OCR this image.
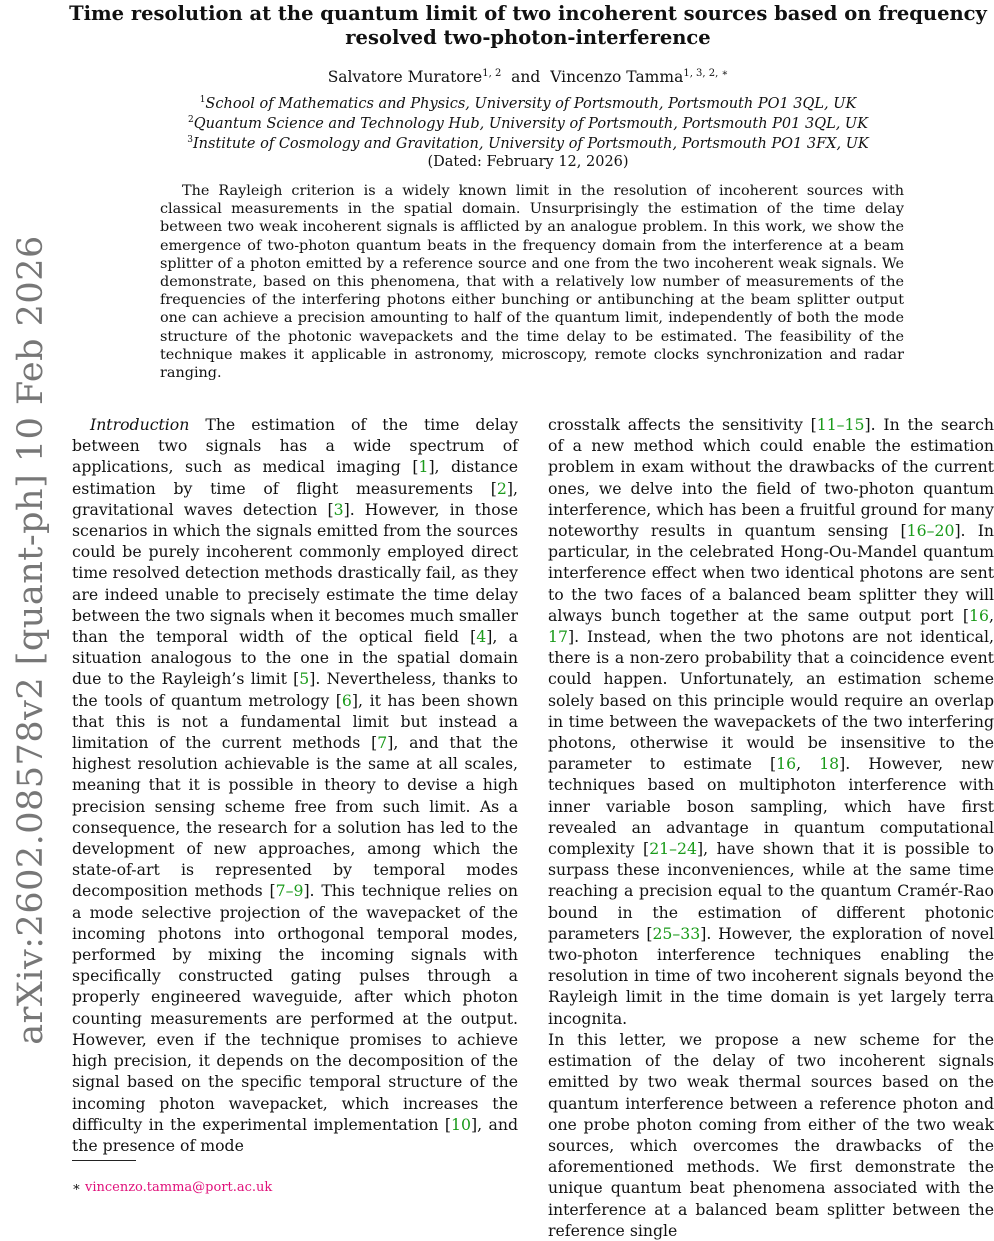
arXiv:2602.08578v2 [quant-ph] 10 Feb 2026
Time resolution at the quantum limit of two incoherent sources based on frequency
resolved two-photon-interference
Salvatore Muratore$^{1, 2}$ and Vincenzo Tamma$^{1, 3, 2, ∗}$
$^1$School of Mathematics and Physics, University of Portsmouth, Portsmouth PO1 3QL, UK
$^2$Quantum Science and Technology Hub, University of Portsmouth, Portsmouth P01 3QL, UK
$^3$Institute of Cosmology and Gravitation, University of Portsmouth, Portsmouth PO1 3FX, UK
(Dated: February 12, 2026)

The Rayleigh criterion is a widely known limit in the resolution of incoherent sources with classical measurements in the spatial domain. Unsurprisingly the estimation of the time delay between two weak incoherent signals is afflicted by an analogue problem. In this work, we show the emergence of two-photon quantum beats in the frequency domain from the interference at a beam splitter of a photon emitted by a reference source and one from the two incoherent weak signals. We demonstrate, based on this phenomena, that with a relatively low number of measurements of the frequencies of the interfering photons either bunching or antibunching at the beam splitter output one can achieve a precision amounting to half of the quantum limit, independently of both the mode structure of the photonic wavepackets and the time delay to be estimated. The feasibility of the technique makes it applicable in astronomy, microscopy, remote clocks synchronization and radar ranging.

Introduction The estimation of the time delay between two signals has a wide spectrum of applications, such as medical imaging [1], distance estimation by time of flight measurements [2], gravitational waves detection [3]. However, in those scenarios in which the signals emitted from the sources could be purely incoherent commonly employed direct time resolved detection methods drastically fail, as they are indeed unable to precisely estimate the time delay between the two signals when it becomes much smaller than the temporal width of the optical field [4], a situation analogous to the one in the spatial domain due to the Rayleigh’s limit [5]. Nevertheless, thanks to the tools of quantum metrology [6], it has been shown that this is not a fundamental limit but instead a limitation of the current methods [7], and that the highest resolution achievable is the same at all scales, meaning that it is possible in theory to devise a high precision sensing scheme free from such limit. As a consequence, the research for a solution has led to the development of new approaches, among which the state-of-art is represented by temporal modes decomposition methods [7–9]. This technique relies on a mode selective projection of the wavepacket of the incoming photons into orthogonal temporal modes, performed by mixing the incoming signals with specifically constructed gating pulses through a properly engineered waveguide, after which photon counting measurements are performed at the output. However, even if the technique promises to achieve high precision, it depends on the decomposition of the signal based on the specific temporal structure of the incoming photon wavepacket, which increases the difficulty in the experimental implementation [10], and the presence of mode

crosstalk affects the sensitivity [11–15]. In the search of a new method which could enable the estimation problem in exam without the drawbacks of the current ones, we delve into the field of two-photon quantum interference, which has been a fruitful ground for many noteworthy results in quantum sensing [16–20]. In particular, in the celebrated Hong-Ou-Mandel quantum interference effect when two identical photons are sent to the two faces of a balanced beam splitter they will always bunch together at the same output port [16, 17]. Instead, when the two photons are not identical, there is a non-zero probability that a coincidence event could happen. Unfortunately, an estimation scheme solely based on this principle would require an overlap in time between the wavepackets of the two interfering photons, otherwise it would be insensitive to the parameter to estimate [16, 18]. However, new techniques based on multiphoton interference with inner variable boson sampling, which have first revealed an advantage in quantum computational complexity [21–24], have shown that it is possible to surpass these inconveniences, while at the same time reaching a precision equal to the quantum Cramér-Rao bound in the estimation of different photonic parameters [25–33]. However, the exploration of novel two-photon interference techniques enabling the resolution in time of two incoherent signals beyond the Rayleigh limit in the time domain is yet largely terra incognita.

In this letter, we propose a new scheme for the estimation of the delay of two incoherent signals emitted by two weak thermal sources based on the quantum interference between a reference photon and one probe photon coming from either of the two weak sources, which overcomes the drawbacks of the aforementioned methods. We first demonstrate the unique quantum beat phenomena associated with the interference at a balanced beam splitter between the reference single

∗ vincenzo.tamma@port.ac.uk
